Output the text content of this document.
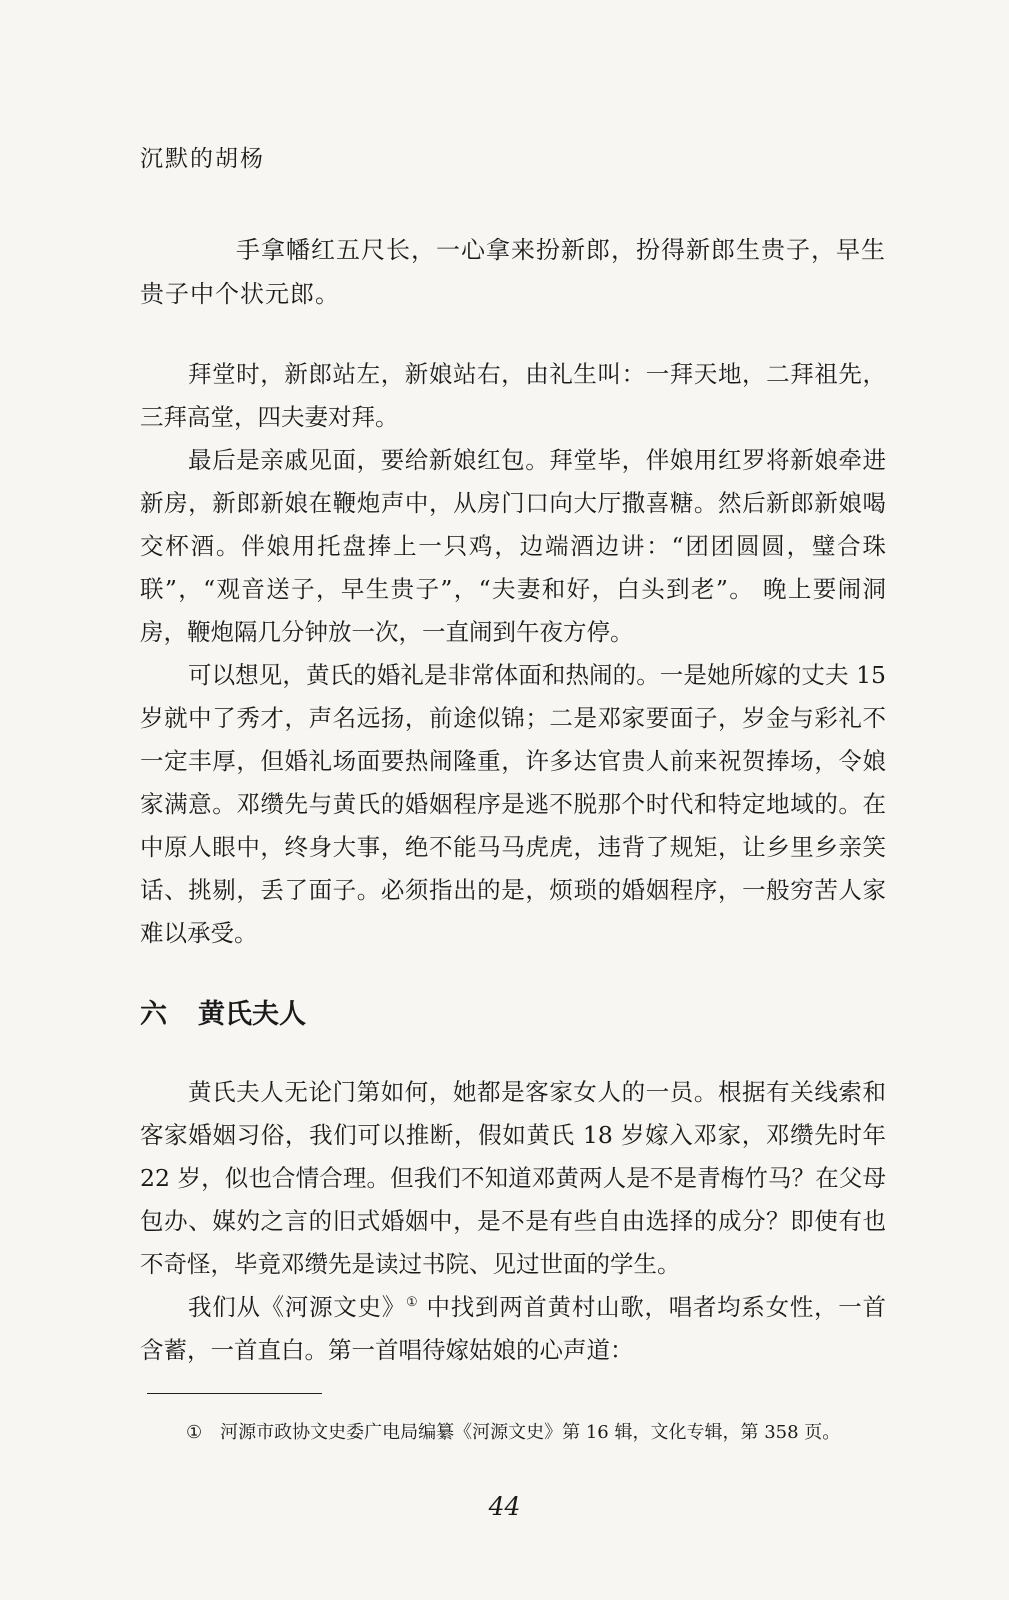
沉默的胡杨

手拿幡红五尺长，一心拿来扮新郎，扮得新郎生贵子，早生贵子中个状元郎。

拜堂时，新郎站左，新娘站右，由礼生叫：一拜天地，二拜祖先，三拜高堂，四夫妻对拜。

最后是亲戚见面，要给新娘红包。拜堂毕，伴娘用红罗将新娘牵进新房，新郎新娘在鞭炮声中，从房门口向大厅撒喜糖。然后新郎新娘喝交杯酒。伴娘用托盘捧上一只鸡，边端酒边讲：“团团圆圆，璧合珠联”，“观音送子，早生贵子”，“夫妻和好，白头到老”。 晚上要闹洞房，鞭炮隔几分钟放一次，一直闹到午夜方停。

可以想见，黄氏的婚礼是非常体面和热闹的。一是她所嫁的丈夫 15 岁就中了秀才，声名远扬，前途似锦；二是邓家要面子，岁金与彩礼不一定丰厚，但婚礼场面要热闹隆重，许多达官贵人前来祝贺捧场，令娘家满意。邓缵先与黄氏的婚姻程序是逃不脱那个时代和特定地域的。在中原人眼中，终身大事，绝不能马马虎虎，违背了规矩，让乡里乡亲笑话、挑剔，丢了面子。必须指出的是，烦琐的婚姻程序，一般穷苦人家难以承受。

六 黄氏夫人

黄氏夫人无论门第如何，她都是客家女人的一员。根据有关线索和客家婚姻习俗，我们可以推断，假如黄氏 18 岁嫁入邓家，邓缵先时年 22 岁，似也合情合理。但我们不知道邓黄两人是不是青梅竹马？在父母包办、媒妁之言的旧式婚姻中，是不是有些自由选择的成分？即使有也不奇怪，毕竟邓缵先是读过书院、见过世面的学生。

我们从《河源文史》① 中找到两首黄村山歌，唱者均系女性，一首含蓄，一首直白。第一首唱待嫁姑娘的心声道：

① 河源市政协文史委广电局编纂《河源文史》第 16 辑，文化专辑，第 358 页。
44
